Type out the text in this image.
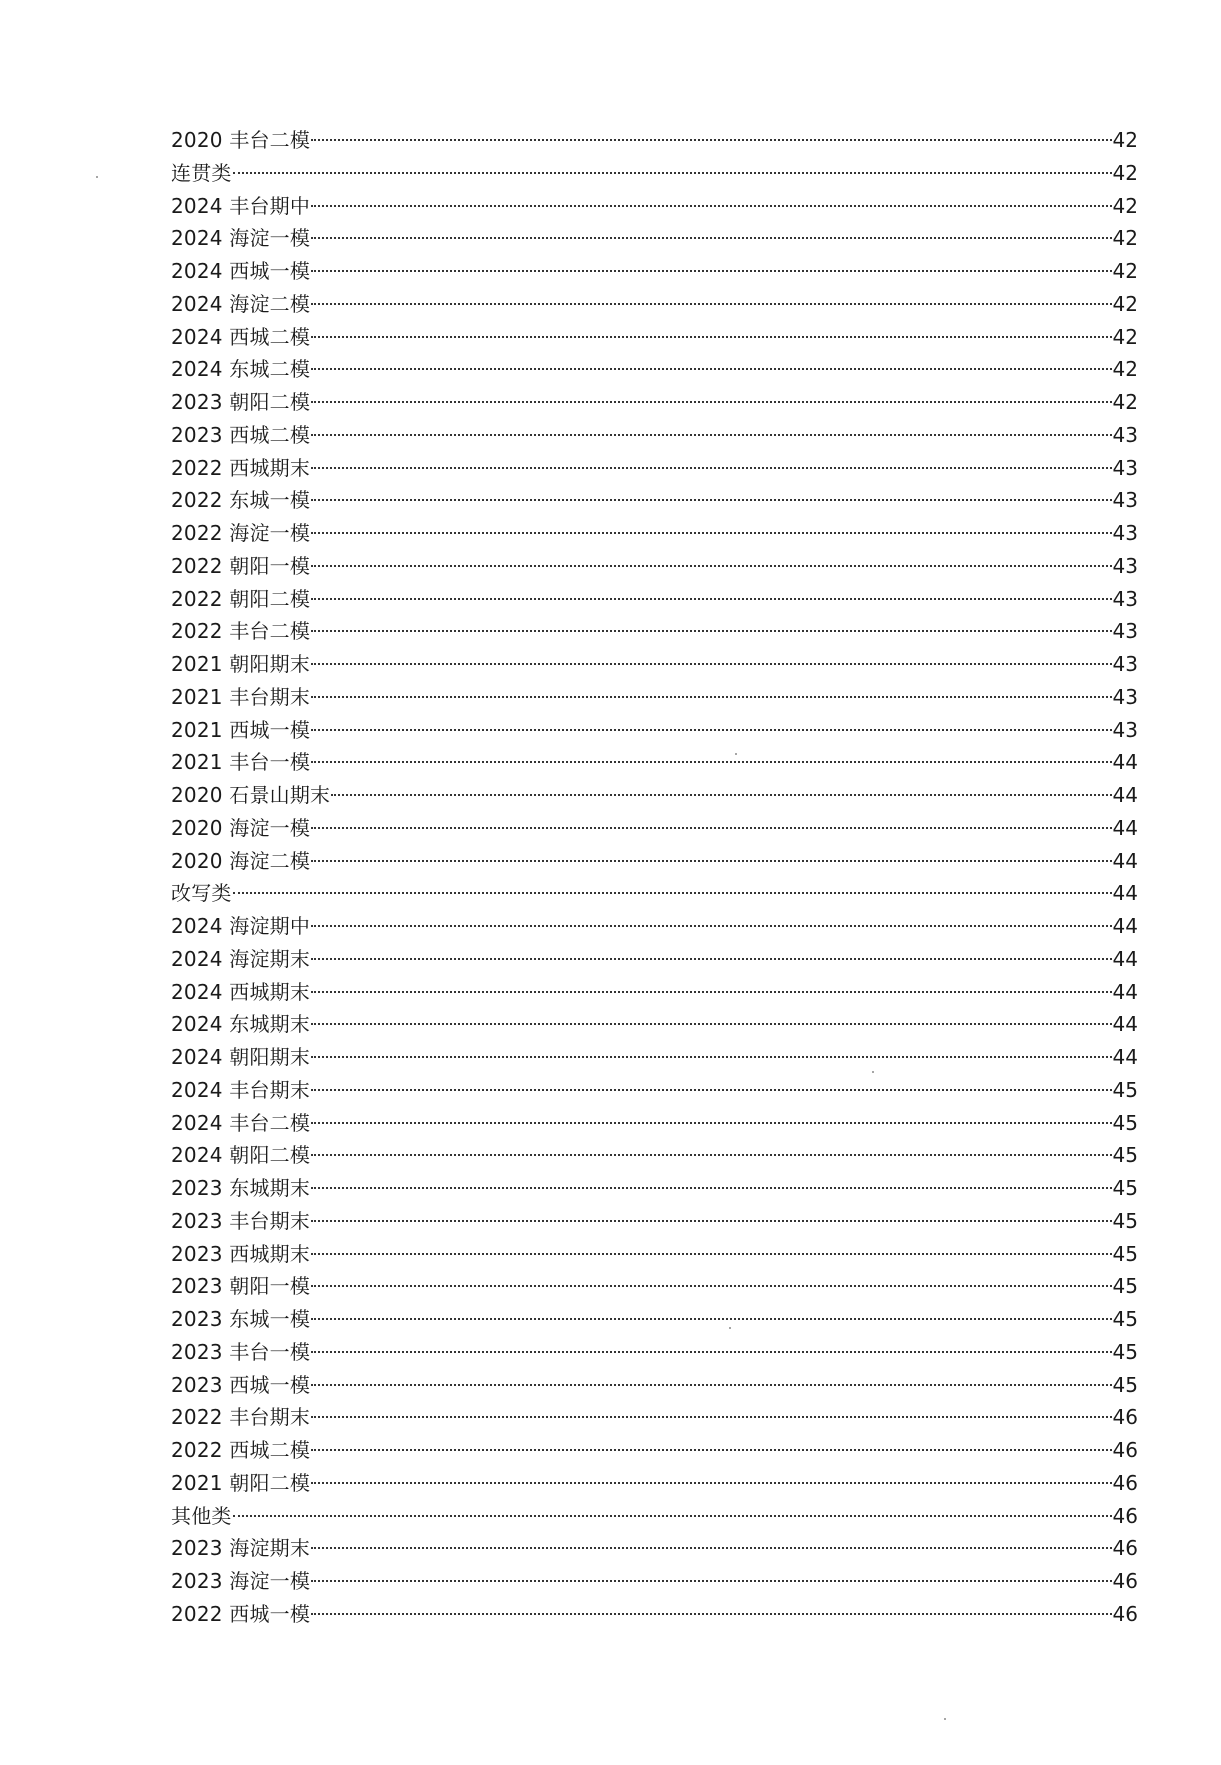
2020 丰台二模	42
连贯类	42
2024 丰台期中	42
2024 海淀一模	42
2024 西城一模	42
2024 海淀二模	42
2024 西城二模	42
2024 东城二模	42
2023 朝阳二模	42
2023 西城二模	43
2022 西城期末	43
2022 东城一模	43
2022 海淀一模	43
2022 朝阳一模	43
2022 朝阳二模	43
2022 丰台二模	43
2021 朝阳期末	43
2021 丰台期末	43
2021 西城一模	43
2021 丰台一模	44
2020 石景山期末	44
2020 海淀一模	44
2020 海淀二模	44
改写类	44
2024 海淀期中	44
2024 海淀期末	44
2024 西城期末	44
2024 东城期末	44
2024 朝阳期末	44
2024 丰台期末	45
2024 丰台二模	45
2024 朝阳二模	45
2023 东城期末	45
2023 丰台期末	45
2023 西城期末	45
2023 朝阳一模	45
2023 东城一模	45
2023 丰台一模	45
2023 西城一模	45
2022 丰台期末	46
2022 西城二模	46
2021 朝阳二模	46
其他类	46
2023 海淀期末	46
2023 海淀一模	46
2022 西城一模	46
